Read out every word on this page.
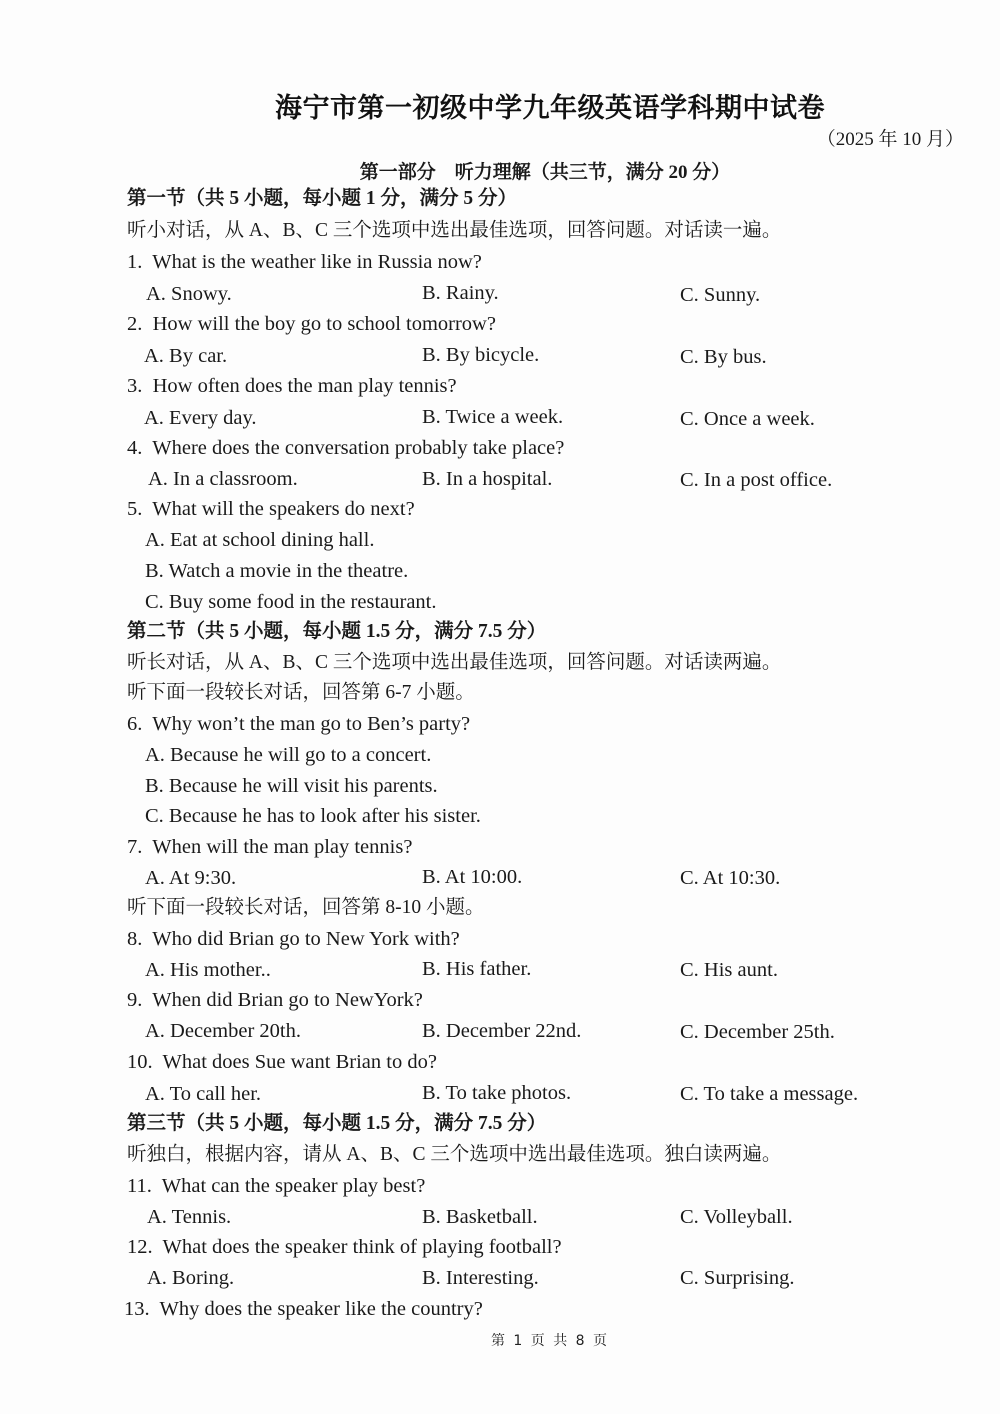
海宁市第一初级中学九年级英语学科期中试卷
（2025 年 10 月）
第一部分　听力理解（共三节，满分 20 分）
第一节（共 5 小题，每小题 1 分，满分 5 分）
听小对话，从 A、B、C 三个选项中选出最佳选项，回答问题。对话读一遍。
1. What is the weather like in Russia now?
A. Snowy.	B. Rainy.	C. Sunny.
2. How will the boy go to school tomorrow?
A. By car.	B. By bicycle.	C. By bus.
3. How often does the man play tennis?
A. Every day.	B. Twice a week.	C. Once a week.
4. Where does the conversation probably take place?
A. In a classroom.	B. In a hospital.	C. In a post office.
5. What will the speakers do next?
A. Eat at school dining hall.
B. Watch a movie in the theatre.
C. Buy some food in the restaurant.
第二节（共 5 小题，每小题 1.5 分，满分 7.5 分）
听长对话，从 A、B、C 三个选项中选出最佳选项，回答问题。对话读两遍。
听下面一段较长对话，回答第 6-7 小题。
6. Why won’t the man go to Ben’s party?
A. Because he will go to a concert.
B. Because he will visit his parents.
C. Because he has to look after his sister.
7. When will the man play tennis?
A. At 9:30.	B. At 10:00.	C. At 10:30.
听下面一段较长对话，回答第 8-10 小题。
8. Who did Brian go to New York with?
A. His mother..	B. His father.	C. His aunt.
9. When did Brian go to NewYork?
A. December 20th.	B. December 22nd.	C. December 25th.
10. What does Sue want Brian to do?
A. To call her.	B. To take photos.	C. To take a message.
第三节（共 5 小题，每小题 1.5 分，满分 7.5 分）
听独白，根据内容，请从 A、B、C 三个选项中选出最佳选项。独白读两遍。
11. What can the speaker play best?
A. Tennis.	B. Basketball.	C. Volleyball.
12. What does the speaker think of playing football?
A. Boring.	B. Interesting.	C. Surprising.
13. Why does the speaker like the country?
第 1 页 共 8 页
